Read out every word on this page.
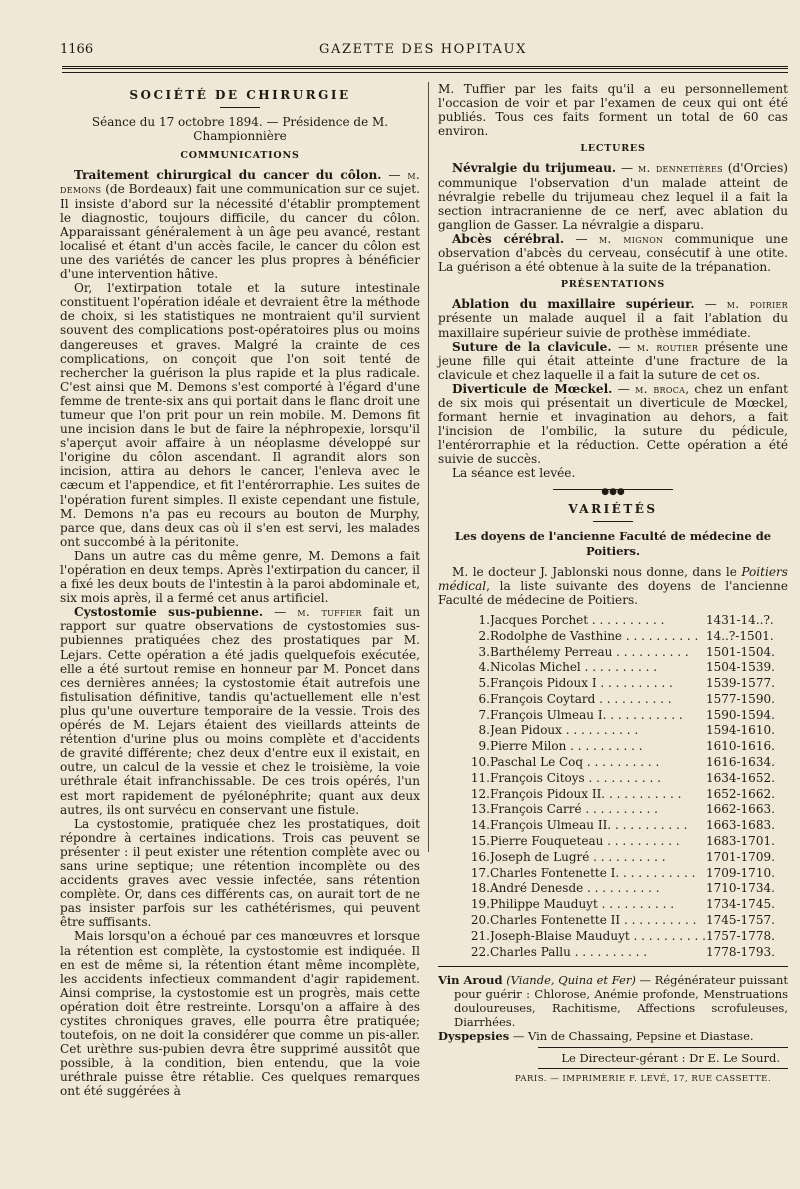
1166	GAZETTE DES HOPITAUX
SOCIÉTÉ DE CHIRURGIE
Séance du 17 octobre 1894. — Présidence de M. Championnière
COMMUNICATIONS

Traitement chirurgical du cancer du côlon. — m. demons (de Bordeaux) fait une communication sur ce sujet. Il insiste d'abord sur la nécessité d'établir promptement le diagnostic, toujours difficile, du cancer du côlon. Apparaissant généralement à un âge peu avancé, restant localisé et étant d'un accès facile, le cancer du côlon est une des variétés de cancer les plus propres à bénéficier d'une intervention hâtive.

Or, l'extirpation totale et la suture intestinale constituent l'opération idéale et devraient être la méthode de choix, si les statistiques ne montraient qu'il survient souvent des complications post-opératoires plus ou moins dangereuses et graves. Malgré la crainte de ces complications, on conçoit que l'on soit tenté de rechercher la guérison la plus rapide et la plus radicale. C'est ainsi que M. Demons s'est comporté à l'égard d'une femme de trente-six ans qui portait dans le flanc droit une tumeur que l'on prit pour un rein mobile. M. Demons fit une incision dans le but de faire la néphropexie, lorsqu'il s'aperçut avoir affaire à un néoplasme développé sur l'origine du côlon ascendant. Il agrandit alors son incision, attira au dehors le cancer, l'enleva avec le cæcum et l'appendice, et fit l'entérorraphie. Les suites de l'opération furent simples. Il existe cependant une fistule, M. Demons n'a pas eu recours au bouton de Murphy, parce que, dans deux cas où il s'en est servi, les malades ont succombé à la péritonite.

Dans un autre cas du même genre, M. Demons a fait l'opération en deux temps. Après l'extirpation du cancer, il a fixé les deux bouts de l'intestin à la paroi abdominale et, six mois après, il a fermé cet anus artificiel.

Cystostomie sus-pubienne. — m. tuffier fait un rapport sur quatre observations de cystostomies sus-pubiennes pratiquées chez des prostatiques par M. Lejars. Cette opération a été jadis quelquefois exécutée, elle a été surtout remise en honneur par M. Poncet dans ces dernières années; la cystostomie était autrefois une fistulisation définitive, tandis qu'actuellement elle n'est plus qu'une ouverture temporaire de la vessie. Trois des opérés de M. Lejars étaient des vieillards atteints de rétention d'urine plus ou moins complète et d'accidents de gravité différente; chez deux d'entre eux il existait, en outre, un calcul de la vessie et chez le troisième, la voie uréthrale était infranchissable. De ces trois opérés, l'un est mort rapidement de pyélonéphrite; quant aux deux autres, ils ont survécu en conservant une fistule.

La cystostomie, pratiquée chez les prostatiques, doit répondre à certaines indications. Trois cas peuvent se présenter : il peut exister une rétention complète avec ou sans urine septique; une rétention incomplète ou des accidents graves avec vessie infectée, sans rétention complète. Or, dans ces différents cas, on aurait tort de ne pas insister parfois sur les cathétérismes, qui peuvent être suffisants.

Mais lorsqu'on a échoué par ces manœuvres et lorsque la rétention est complète, la cystostomie est indiquée. Il en est de même si, la rétention étant même incomplète, les accidents infectieux commandent d'agir rapidement. Ainsi comprise, la cystostomie est un progrès, mais cette opération doit être restreinte. Lorsqu'on a affaire à des cystites chroniques graves, elle pourra être pratiquée; toutefois, on ne doit la considérer que comme un pis-aller. Cet urèthre sus-pubien devra être supprimé aussitôt que possible, à la condition, bien entendu, que la voie uréthrale puisse être rétablie. Ces quelques remarques ont été suggérées à

M. Tuffier par les faits qu'il a eu personnellement l'occasion de voir et par l'examen de ceux qui ont été publiés. Tous ces faits forment un total de 60 cas environ.

LECTURES

Névralgie du trijumeau. — m. dennetières (d'Orcies) communique l'observation d'un malade atteint de névralgie rebelle du trijumeau chez lequel il a fait la section intracranienne de ce nerf, avec ablation du ganglion de Gasser. La névralgie a disparu.

Abcès cérébral. — m. mignon communique une observation d'abcès du cerveau, consécutif à une otite. La guérison a été obtenue à la suite de la trépanation.

PRÉSENTATIONS

Ablation du maxillaire supérieur. — m. poirier présente un malade auquel il a fait l'ablation du maxillaire supérieur suivie de prothèse immédiate.

Suture de la clavicule. — m. routier présente une jeune fille qui était atteinte d'une fracture de la clavicule et chez laquelle il a fait la suture de cet os.

Diverticule de Mœckel. — m. broca, chez un enfant de six mois qui présentait un diverticule de Mœckel, formant hernie et invagination au dehors, a fait l'incision de l'ombilic, la suture du pédicule, l'entérorraphie et la réduction. Cette opération a été suivie de succès.

La séance est levée.

●●●
VARIÉTÉS
Les doyens de l'ancienne Faculté de médecine de Poitiers.

M. le docteur J. Jablonski nous donne, dans le Poitiers médical, la liste suivante des doyens de l'ancienne Faculté de médecine de Poitiers.

1.	Jacques Porchet . . . . . . . . . .	1431-14..?.
2.	Rodolphe de Vasthine . . . . . . . . . .	14..?-1501.
3.	Barthélemy Perreau . . . . . . . . . .	1501-1504.
4.	Nicolas Michel . . . . . . . . . .	1504-1539.
5.	François Pidoux I . . . . . . . . . .	1539-1577.
6.	François Coytard . . . . . . . . . .	1577-1590.
7.	François Ulmeau I. . . . . . . . . . .	1590-1594.
8.	Jean Pidoux . . . . . . . . . .	1594-1610.
9.	Pierre Milon . . . . . . . . . .	1610-1616.
10.	Paschal Le Coq . . . . . . . . . .	1616-1634.
11.	François Citoys . . . . . . . . . .	1634-1652.
12.	François Pidoux II. . . . . . . . . . .	1652-1662.
13.	François Carré . . . . . . . . . .	1662-1663.
14.	François Ulmeau II. . . . . . . . . . .	1663-1683.
15.	Pierre Fouqueteau . . . . . . . . . .	1683-1701.
16.	Joseph de Lugré . . . . . . . . . .	1701-1709.
17.	Charles Fontenette I. . . . . . . . . . .	1709-1710.
18.	André Denesde . . . . . . . . . .	1710-1734.
19.	Philippe Mauduyt . . . . . . . . . .	1734-1745.
20.	Charles Fontenette II . . . . . . . . . .	1745-1757.
21.	Joseph-Blaise Mauduyt . . . . . . . . . .	1757-1778.
22.	Charles Pallu . . . . . . . . . .	1778-1793.

Vin Aroud (Viande, Quina et Fer) — Régénérateur puissant pour guérir : Chlorose, Anémie profonde, Menstruations douloureuses, Rachitisme, Affections scrofuleuses, Diarrhées.

Dyspepsies — Vin de Chassaing, Pepsine et Diastase.

Le Directeur-gérant : Dr E. Le Sourd.
PARIS. — IMPRIMERIE F. LEVÉ, 17, RUE CASSETTE.
